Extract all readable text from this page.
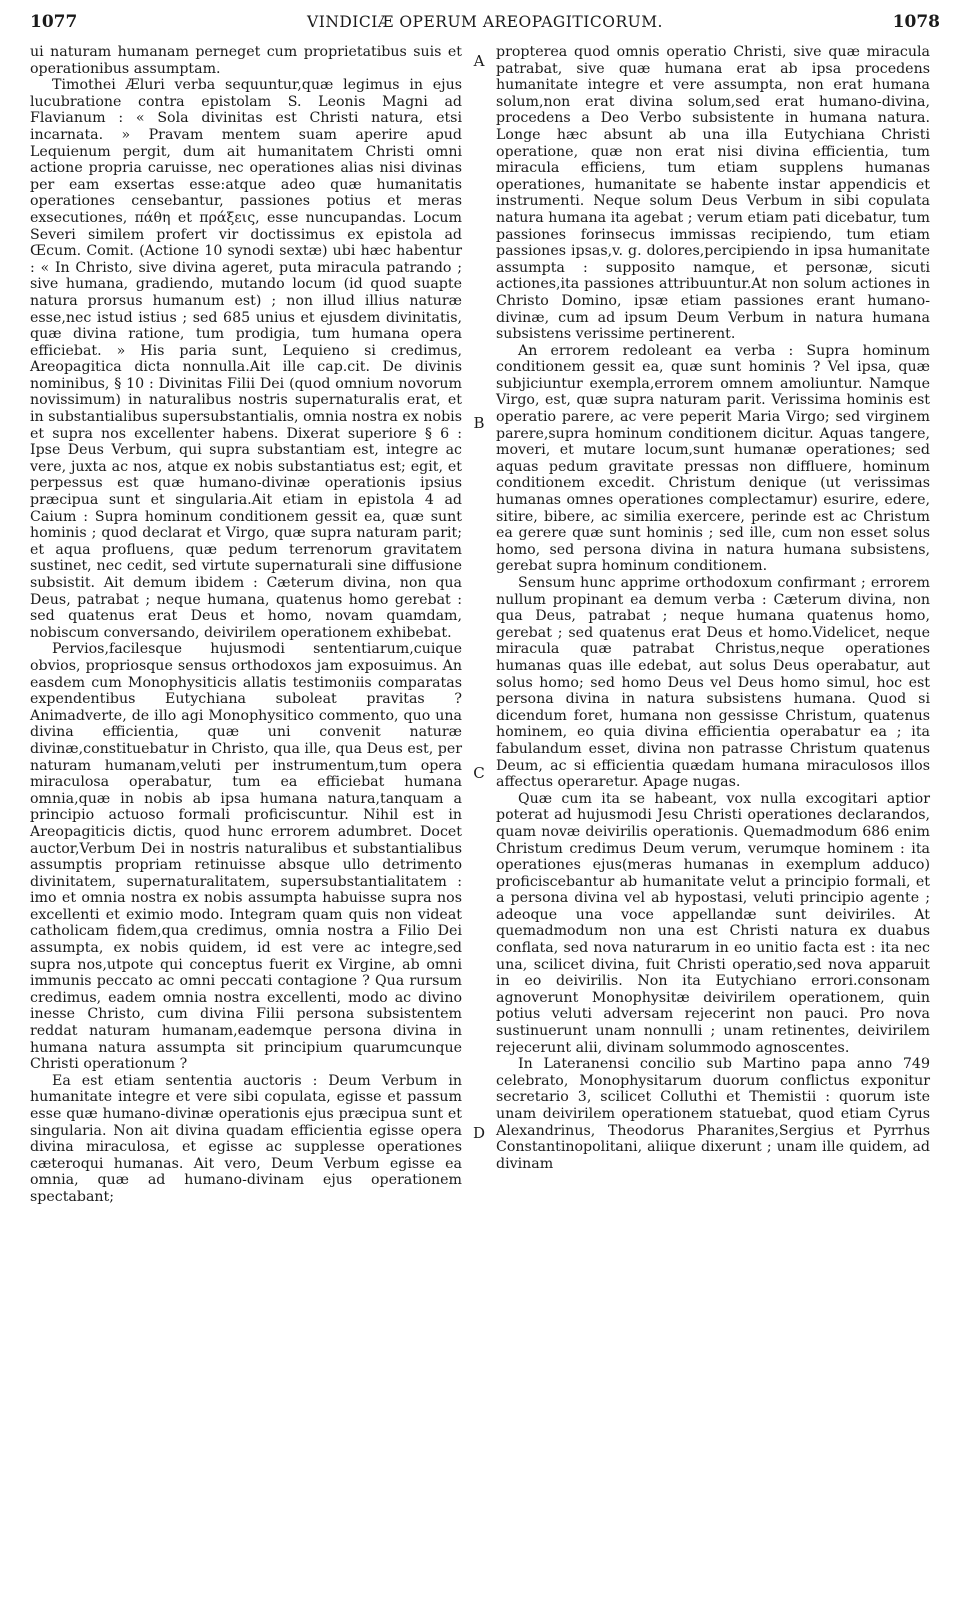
1077	VINDICIÆ OPERUM AREOPAGITICORUM.	1078

ui naturam humanam perneget cum proprietatibus suis et operationibus assumptam.

Timothei Æluri verba sequuntur,quæ legimus in ejus lucubratione contra epistolam S. Leonis Magni ad Flavianum : « Sola divinitas est Christi natura, etsi incarnata. » Pravam mentem suam aperire apud Lequienum pergit, dum ait humanitatem Christi omni actione propria caruisse, nec operationes alias nisi divinas per eam exsertas esse:atque adeo quæ humanitatis operationes censebantur, passiones potius et meras exsecutiones, πάθη et πράξεις, esse nuncupandas. Locum Severi similem profert vir doctissimus ex epistola ad Œcum. Comit. (Actione 10 synodi sextæ) ubi hæc habentur : « In Christo, sive divina ageret, puta miracula patrando ; sive humana, gradiendo, mutando locum (id quod suapte natura prorsus humanum est) ; non illud illius naturæ esse,nec istud istius ; sed 685 unius et ejusdem divinitatis, quæ divina ratione, tum prodigia, tum humana opera efficiebat. » His paria sunt, Lequieno si credimus, Areopagitica dicta nonnulla.Ait ille cap.cit. De divinis nominibus, § 10 : Divinitas Filii Dei (quod omnium novorum novissimum) in naturalibus nostris supernaturalis erat, et in substantialibus supersubstantialis, omnia nostra ex nobis et supra nos excellenter habens. Dixerat superiore § 6 : Ipse Deus Verbum, qui supra substantiam est, integre ac vere, juxta ac nos, atque ex nobis substantiatus est; egit, et perpessus est quæ humano-divinæ operationis ipsius præcipua sunt et singularia.Ait etiam in epistola 4 ad Caium : Supra hominum conditionem gessit ea, quæ sunt hominis ; quod declarat et Virgo, quæ supra naturam parit; et aqua profluens, quæ pedum terrenorum gravitatem sustinet, nec cedit, sed virtute supernaturali sine diffusione subsistit. Ait demum ibidem : Cæterum divina, non qua Deus, patrabat ; neque humana, quatenus homo gerebat : sed quatenus erat Deus et homo, novam quamdam, nobiscum conversando, deivirilem operationem exhibebat.

Pervios,facilesque hujusmodi sententiarum,cuique obvios, propriosque sensus orthodoxos jam exposuimus. An easdem cum Monophysiticis allatis testimoniis comparatas expendentibus Eutychiana suboleat pravitas ? Animadverte, de illo agi Monophysitico commento, quo una divina efficientia, quæ uni convenit naturæ divinæ,constituebatur in Christo, qua ille, qua Deus est, per naturam humanam,veluti per instrumentum,tum opera miraculosa operabatur, tum ea efficiebat humana omnia,quæ in nobis ab ipsa humana natura,tanquam a principio actuoso formali proficiscuntur. Nihil est in Areopagiticis dictis, quod hunc errorem adumbret. Docet auctor,Verbum Dei in nostris naturalibus et substantialibus assumptis propriam retinuisse absque ullo detrimento divinitatem, supernaturalitatem, supersubstantialitatem : imo et omnia nostra ex nobis assumpta habuisse supra nos excellenti et eximio modo. Integram quam quis non videat catholicam fidem,qua credimus, omnia nostra a Filio Dei assumpta, ex nobis quidem, id est vere ac integre,sed supra nos,utpote qui conceptus fuerit ex Virgine, ab omni immunis peccato ac omni peccati contagione ? Qua rursum credimus, eadem omnia nostra excellenti, modo ac divino inesse Christo, cum divina Filii persona subsistentem reddat naturam humanam,eademque persona divina in humana natura assumpta sit principium quarumcunque Christi operationum ?

Ea est etiam sententia auctoris : Deum Verbum in humanitate integre et vere sibi copulata, egisse et passum esse quæ humano-divinæ operationis ejus præcipua sunt et singularia. Non ait divina quadam efficientia egisse opera divina miraculosa, et egisse ac supplesse operationes cæteroqui humanas. Ait vero, Deum Verbum egisse ea omnia, quæ ad humano-divinam ejus operationem spectabant;

A
B
C
D

propterea quod omnis operatio Christi, sive quæ miracula patrabat, sive quæ humana erat ab ipsa procedens humanitate integre et vere assumpta, non erat humana solum,non erat divina solum,sed erat humano-divina, procedens a Deo Verbo subsistente in humana natura. Longe hæc absunt ab una illa Eutychiana Christi operatione, quæ non erat nisi divina efficientia, tum miracula efficiens, tum etiam supplens humanas operationes, humanitate se habente instar appendicis et instrumenti. Neque solum Deus Verbum in sibi copulata natura humana ita agebat ; verum etiam pati dicebatur, tum passiones forinsecus immissas recipiendo, tum etiam passiones ipsas,v. g. dolores,percipiendo in ipsa humanitate assumpta : supposito namque, et personæ, sicuti actiones,ita passiones attribuuntur.At non solum actiones in Christo Domino, ipsæ etiam passiones erant humano-divinæ, cum ad ipsum Deum Verbum in natura humana subsistens verissime pertinerent.

An errorem redoleant ea verba : Supra hominum conditionem gessit ea, quæ sunt hominis ? Vel ipsa, quæ subjiciuntur exempla,errorem omnem amoliuntur. Namque Virgo, est, quæ supra naturam parit. Verissima hominis est operatio parere, ac vere peperit Maria Virgo; sed virginem parere,supra hominum conditionem dicitur. Aquas tangere, moveri, et mutare locum,sunt humanæ operationes; sed aquas pedum gravitate pressas non diffluere, hominum conditionem excedit. Christum denique (ut verissimas humanas omnes operationes complectamur) esurire, edere, sitire, bibere, ac similia exercere, perinde est ac Christum ea gerere quæ sunt hominis ; sed ille, cum non esset solus homo, sed persona divina in natura humana subsistens, gerebat supra hominum conditionem.

Sensum hunc apprime orthodoxum confirmant ; errorem nullum propinant ea demum verba : Cæterum divina, non qua Deus, patrabat ; neque humana quatenus homo, gerebat ; sed quatenus erat Deus et homo.Videlicet, neque miracula quæ patrabat Christus,neque operationes humanas quas ille edebat, aut solus Deus operabatur, aut solus homo; sed homo Deus vel Deus homo simul, hoc est persona divina in natura subsistens humana. Quod si dicendum foret, humana non gessisse Christum, quatenus hominem, eo quia divina efficientia operabatur ea ; ita fabulandum esset, divina non patrasse Christum quatenus Deum, ac si efficientia quædam humana miraculosos illos affectus operaretur. Apage nugas.

Quæ cum ita se habeant, vox nulla excogitari aptior poterat ad hujusmodi Jesu Christi operationes declarandos, quam novæ deivirilis operationis. Quemadmodum 686 enim Christum credimus Deum verum, verumque hominem : ita operationes ejus(meras humanas in exemplum adduco) proficiscebantur ab humanitate velut a principio formali, et a persona divina vel ab hypostasi, veluti principio agente ; adeoque una voce appellandæ sunt deiviriles. At quemadmodum non una est Christi natura ex duabus conflata, sed nova naturarum in eo unitio facta est : ita nec una, scilicet divina, fuit Christi operatio,sed nova apparuit in eo deivirilis. Non ita Eutychiano errori.consonam agnoverunt Monophysitæ deivirilem operationem, quin potius veluti adversam rejecerint non pauci. Pro nova sustinuerunt unam nonnulli ; unam retinentes, deivirilem rejecerunt alii, divinam solummodo agnoscentes.

In Lateranensi concilio sub Martino papa anno 749 celebrato, Monophysitarum duorum conflictus exponitur secretario 3, scilicet Colluthi et Themistii : quorum iste unam deivirilem operationem statuebat, quod etiam Cyrus Alexandrinus, Theodorus Pharanites,Sergius et Pyrrhus Constantinopolitani, aliique dixerunt ; unam ille quidem, ad divinam
